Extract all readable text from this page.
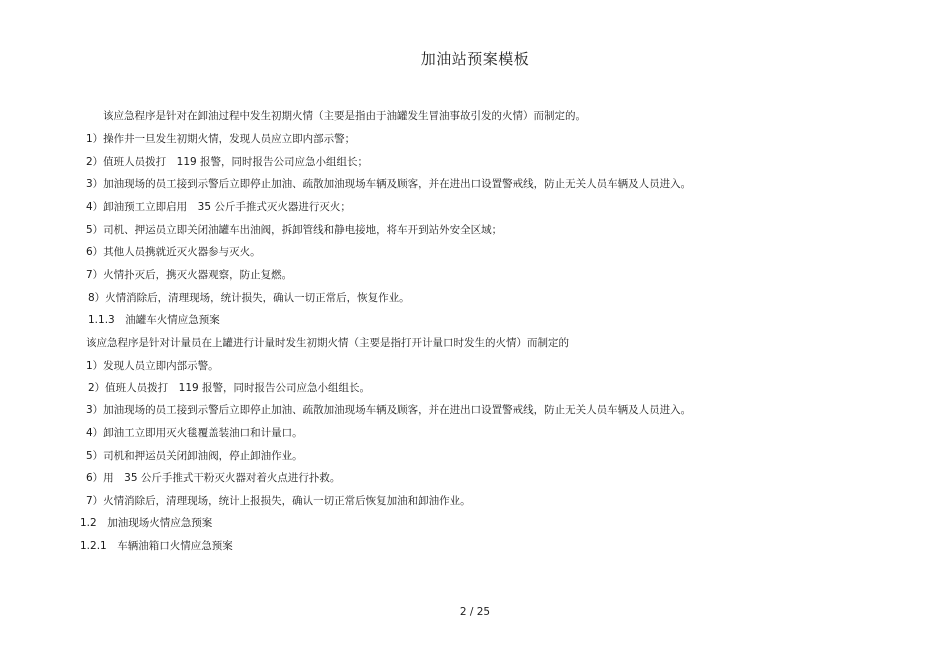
加油站预案模板
该应急程序是针对在卸油过程中发生初期火情（主要是指由于油罐发生冒油事故引发的火情）而制定的。
1）操作井一旦发生初期火情，发现人员应立即内部示警；
2）值班人员拨打　119 报警，同时报告公司应急小组组长；
3）加油现场的员工接到示警后立即停止加油、疏散加油现场车辆及顾客，并在进出口设置警戒线，防止无关人员车辆及人员进入。
4）卸油预工立即启用　35 公斤手推式灭火器进行灭火；
5）司机、押运员立即关闭油罐车出油阀，拆卸管线和静电接地，将车开到站外安全区域；
6）其他人员携就近灭火器参与灭火。
7）火情扑灭后，携灭火器观察，防止复燃。
8）火情消除后，清理现场，统计损失，确认一切正常后，恢复作业。
1.1.3　油罐车火情应急预案
该应急程序是针对计量员在上罐进行计量时发生初期火情（主要是指打开计量口时发生的火情）而制定的
1）发现人员立即内部示警。
2）值班人员拨打　119 报警，同时报告公司应急小组组长。
3）加油现场的员工接到示警后立即停止加油、疏散加油现场车辆及顾客，并在进出口设置警戒线，防止无关人员车辆及人员进入。
4）卸油工立即用灭火毯覆盖装油口和计量口。
5）司机和押运员关闭卸油阀，停止卸油作业。
6）用　35 公斤手推式干粉灭火器对着火点进行扑救。
7）火情消除后，清理现场，统计上报损失，确认一切正常后恢复加油和卸油作业。
1.2　加油现场火情应急预案
1.2.1　车辆油箱口火情应急预案
2 / 25
